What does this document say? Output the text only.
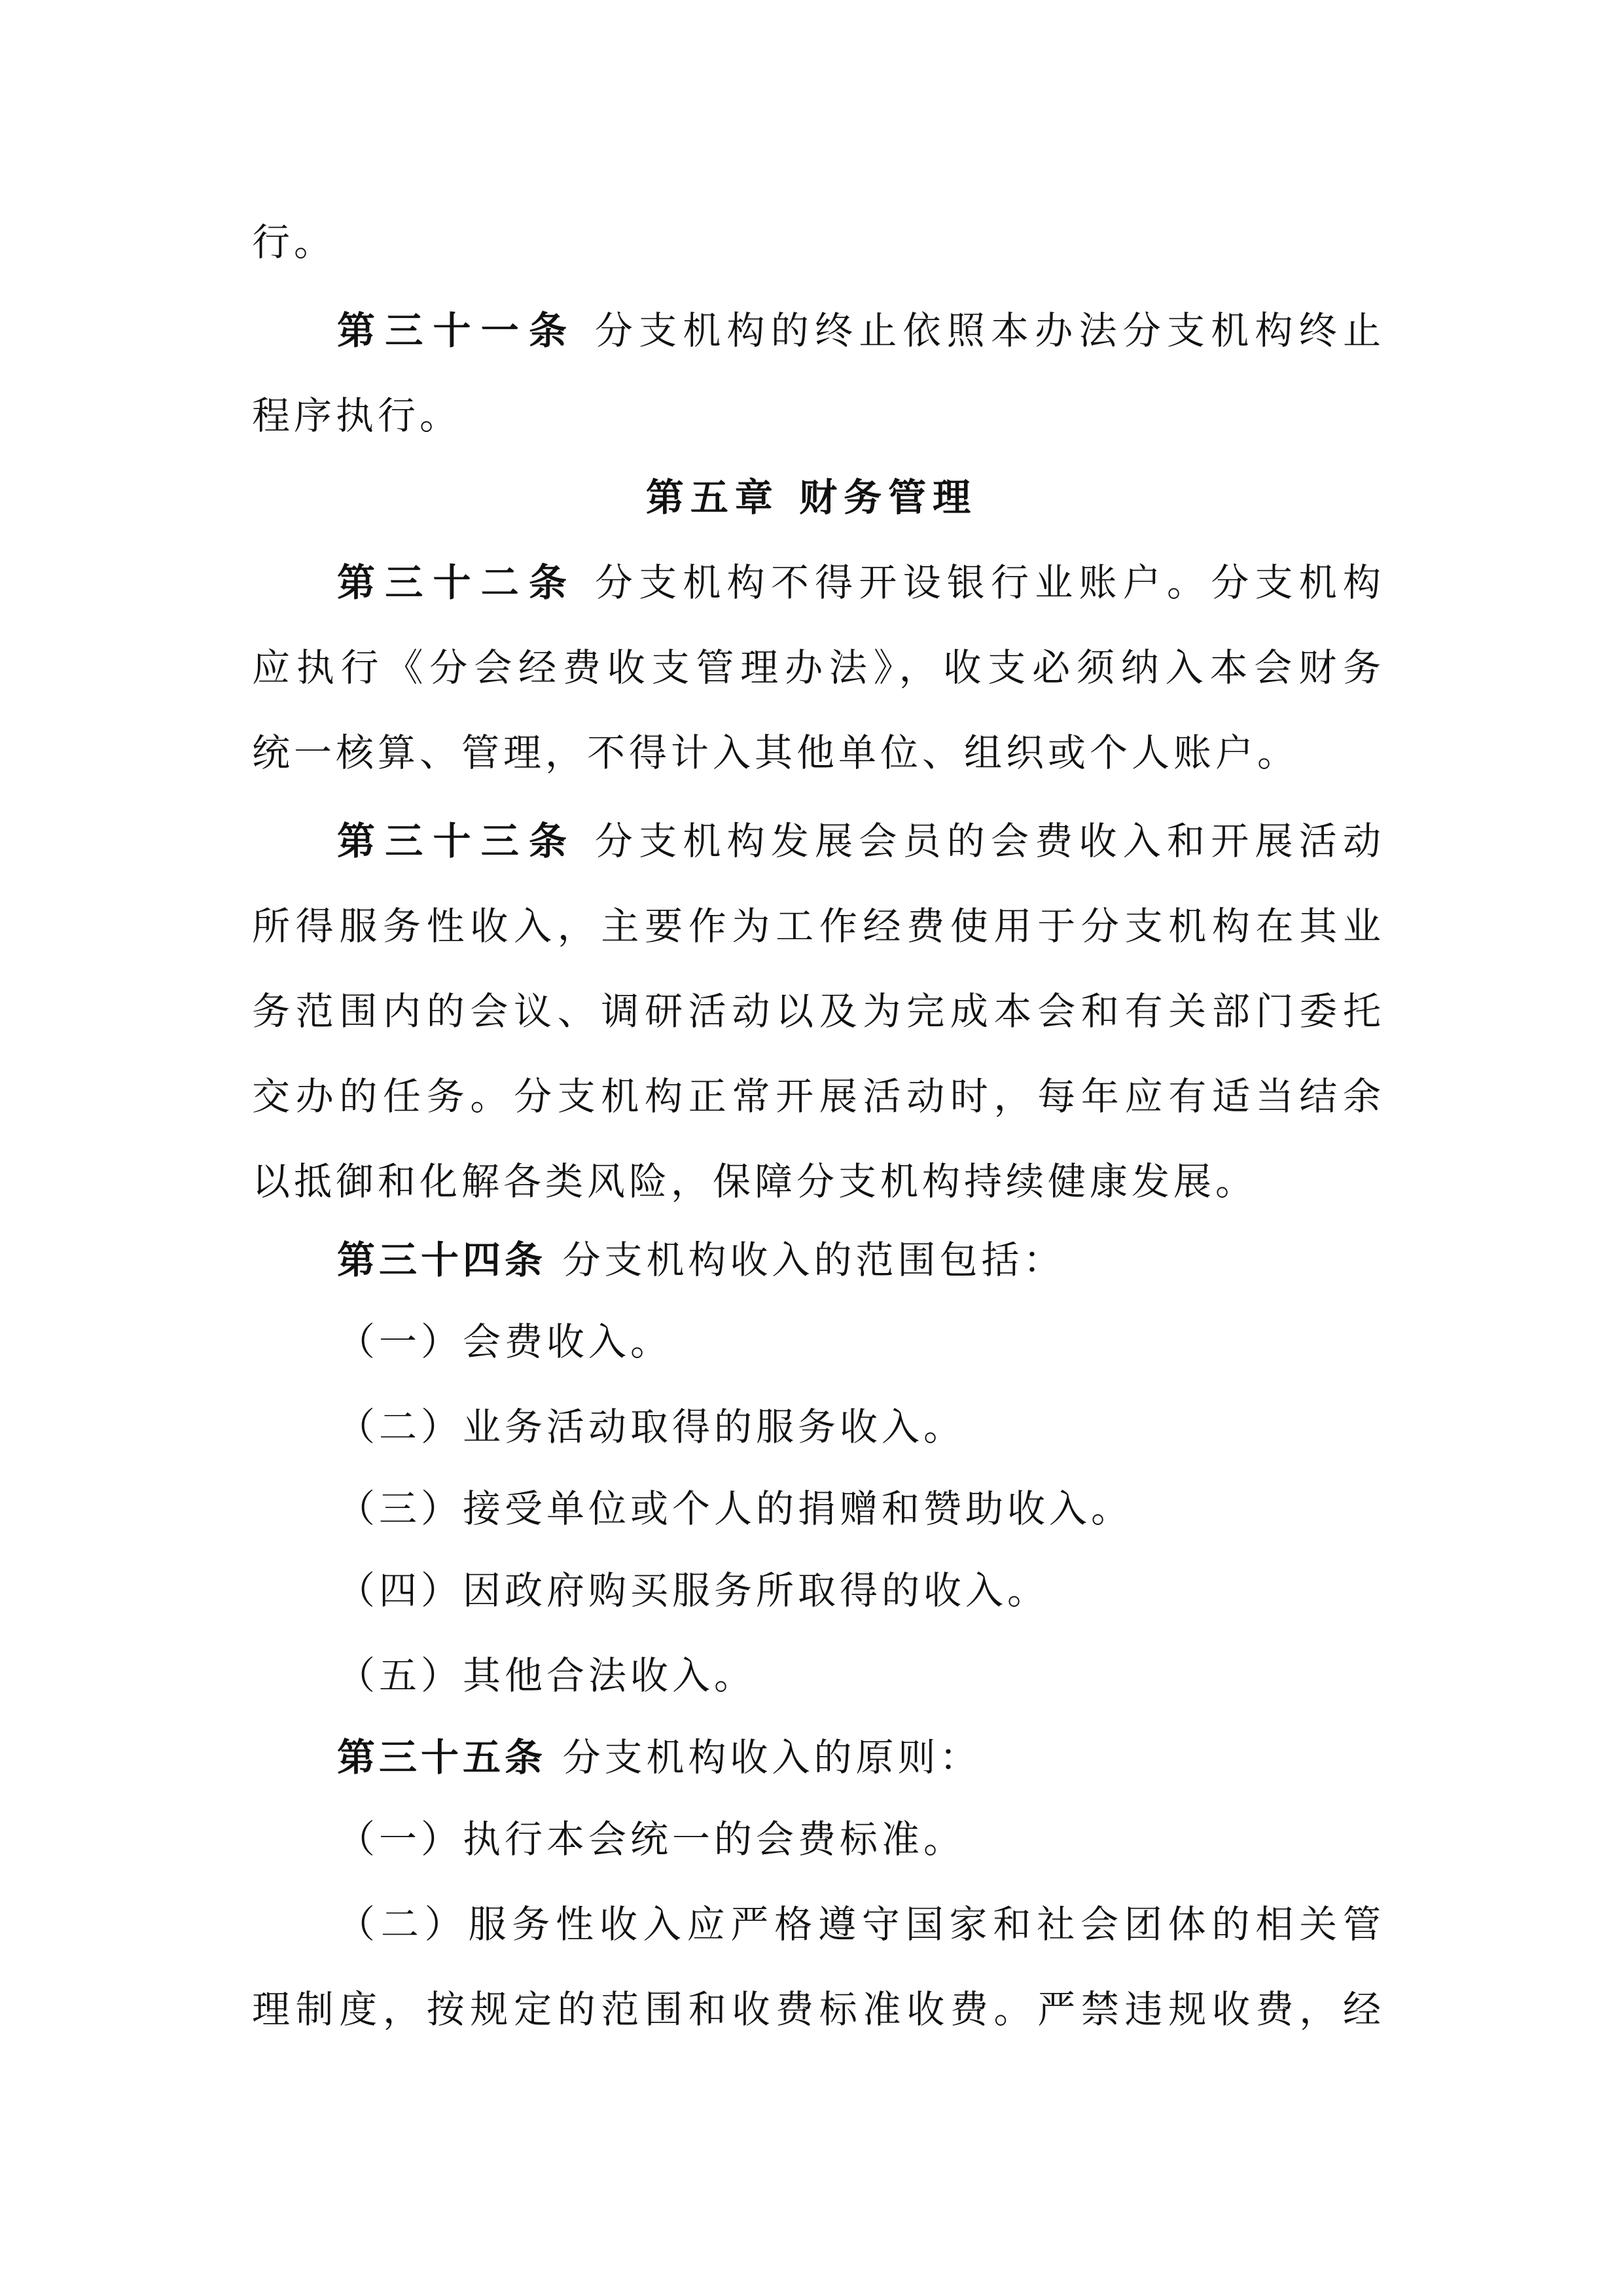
行。
第三十一条 分支机构的终止依照本办法分支机构终止
程序执行。
第五章 财务管理
第三十二条 分支机构不得开设银行业账户。分支机构
应执行《分会经费收支管理办法》，收支必须纳入本会财务
统一核算、管理，不得计入其他单位、组织或个人账户。
第三十三条 分支机构发展会员的会费收入和开展活动
所得服务性收入，主要作为工作经费使用于分支机构在其业
务范围内的会议、调研活动以及为完成本会和有关部门委托
交办的任务。分支机构正常开展活动时，每年应有适当结余
以抵御和化解各类风险，保障分支机构持续健康发展。
第三十四条 分支机构收入的范围包括：
（一）会费收入。
（二）业务活动取得的服务收入。
（三）接受单位或个人的捐赠和赞助收入。
（四）因政府购买服务所取得的收入。
（五）其他合法收入。
第三十五条 分支机构收入的原则：
（一）执行本会统一的会费标准。
（二）服务性收入应严格遵守国家和社会团体的相关管
理制度，按规定的范围和收费标准收费。严禁违规收费，经
